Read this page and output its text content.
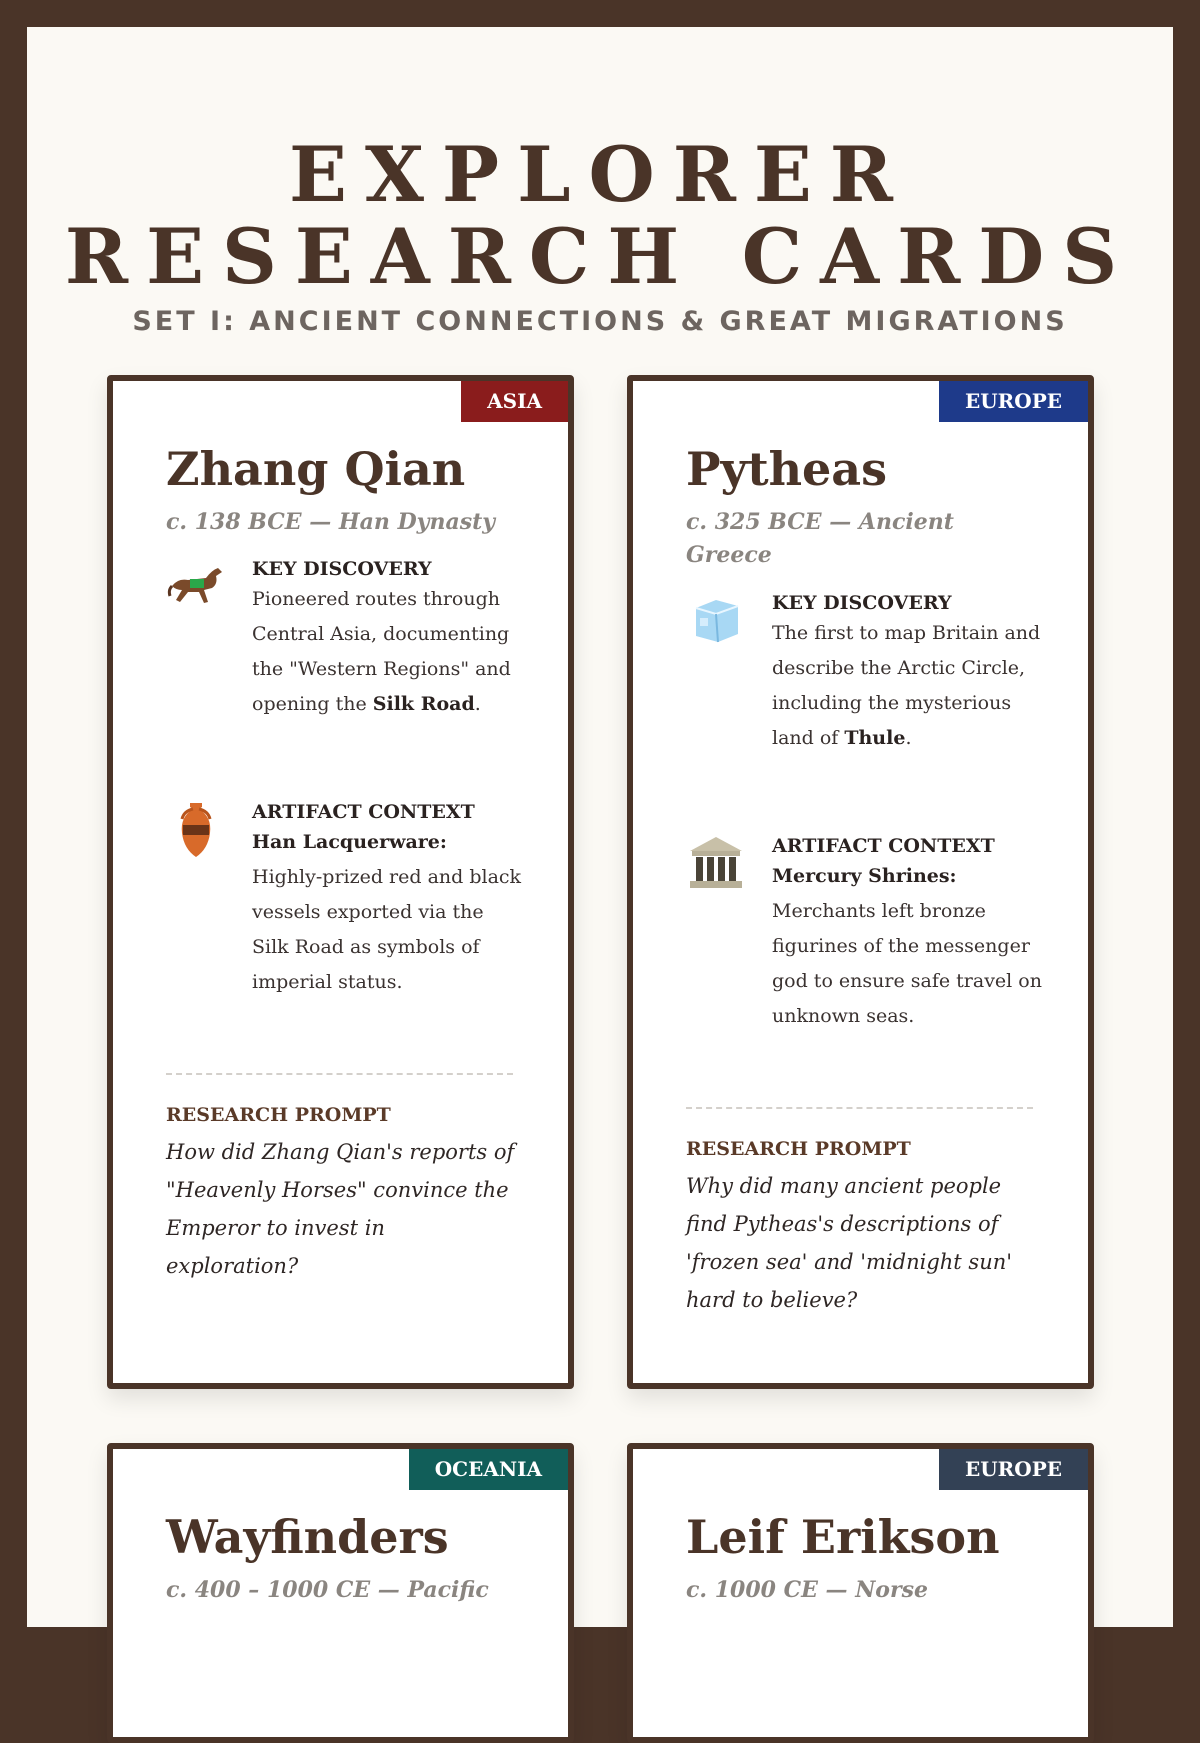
EXPLORER
RESEARCH CARDS
SET I: ANCIENT CONNECTIONS & GREAT MIGRATIONS
ASIA
Zhang Qian
c. 138 BCE — Han Dynasty
KEY DISCOVERY
Pioneered routes through Central Asia, documenting the "Western Regions" and opening the Silk Road.
ARTIFACT CONTEXT
Han Lacquerware: Highly-prized red and black vessels exported via the Silk Road as symbols of imperial status.
RESEARCH PROMPT
How did Zhang Qian's reports of "Heavenly Horses" convince the Emperor to invest in exploration?
EUROPE
Pytheas
c. 325 BCE — Ancient Greece
KEY DISCOVERY
The first to map Britain and describe the Arctic Circle, including the mysterious land of Thule.
ARTIFACT CONTEXT
Mercury Shrines: Merchants left bronze figurines of the messenger god to ensure safe travel on unknown seas.
RESEARCH PROMPT
Why did many ancient people find Pytheas's descriptions of 'frozen sea' and 'midnight sun' hard to believe?
OCEANIA
Wayfinders
c. 400 – 1000 CE — Pacific
EUROPE
Leif Erikson
c. 1000 CE — Norse
